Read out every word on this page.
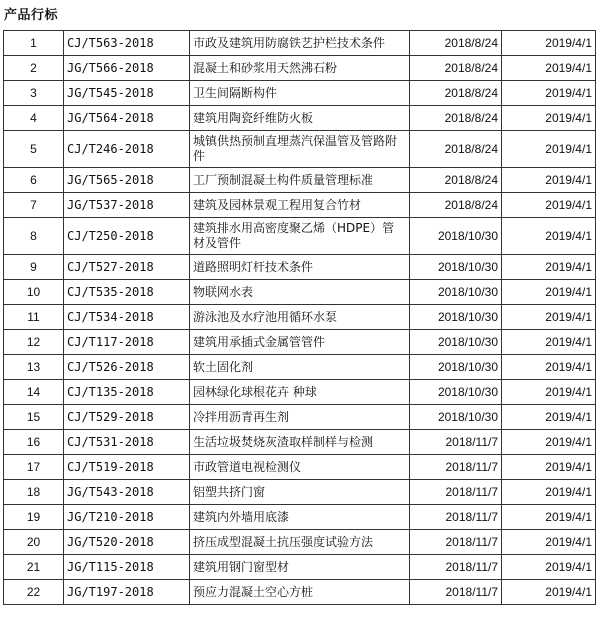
产品行标
1	CJ/T563-2018	市政及建筑用防腐铁艺护栏技术条件	2018/8/24	2019/4/1
2	JG/T566-2018	混凝土和砂浆用天然沸石粉	2018/8/24	2019/4/1
3	JG/T545-2018	卫生间隔断构件	2018/8/24	2019/4/1
4	JG/T564-2018	建筑用陶瓷纤维防火板	2018/8/24	2019/4/1
5	CJ/T246-2018	城镇供热预制直埋蒸汽保温管及管路附件	2018/8/24	2019/4/1
6	JG/T565-2018	工厂预制混凝土构件质量管理标准	2018/8/24	2019/4/1
7	JG/T537-2018	建筑及园林景观工程用复合竹材	2018/8/24	2019/4/1
8	CJ/T250-2018	建筑排水用高密度聚乙烯（HDPE）管材及管件	2018/10/30	2019/4/1
9	CJ/T527-2018	道路照明灯杆技术条件	2018/10/30	2019/4/1
10	CJ/T535-2018	物联网水表	2018/10/30	2019/4/1
11	CJ/T534-2018	游泳池及水疗池用循环水泵	2018/10/30	2019/4/1
12	CJ/T117-2018	建筑用承插式金属管管件	2018/10/30	2019/4/1
13	CJ/T526-2018	软土固化剂	2018/10/30	2019/4/1
14	CJ/T135-2018	园林绿化球根花卉 种球	2018/10/30	2019/4/1
15	CJ/T529-2018	冷拌用沥青再生剂	2018/10/30	2019/4/1
16	CJ/T531-2018	生活垃圾焚烧灰渣取样制样与检测	2018/11/7	2019/4/1
17	CJ/T519-2018	市政管道电视检测仪	2018/11/7	2019/4/1
18	JG/T543-2018	铝塑共挤门窗	2018/11/7	2019/4/1
19	JG/T210-2018	建筑内外墙用底漆	2018/11/7	2019/4/1
20	JG/T520-2018	挤压成型混凝土抗压强度试验方法	2018/11/7	2019/4/1
21	JG/T115-2018	建筑用钢门窗型材	2018/11/7	2019/4/1
22	JG/T197-2018	预应力混凝土空心方桩	2018/11/7	2019/4/1
